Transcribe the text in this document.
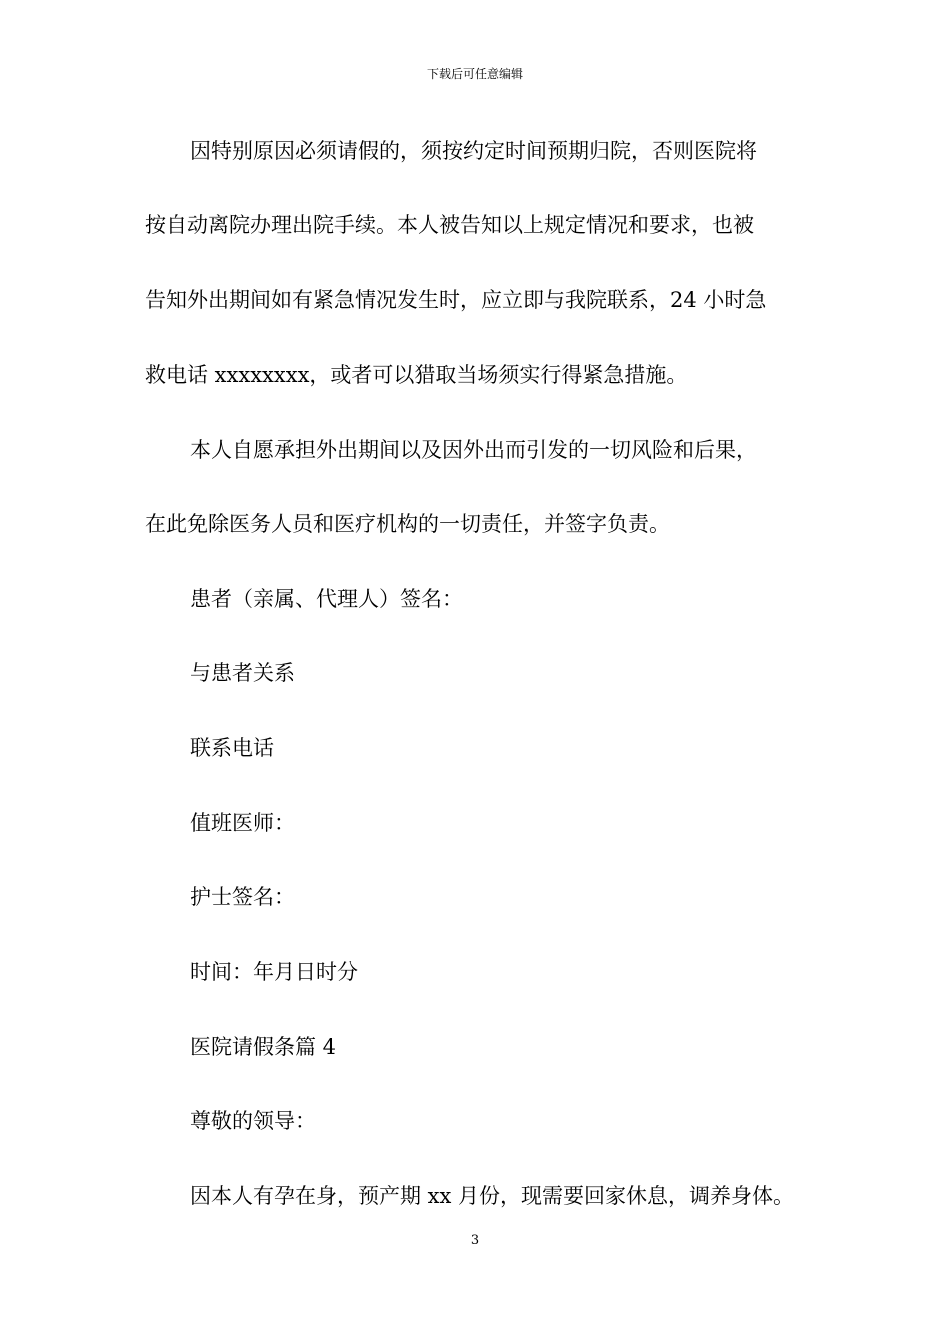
下载后可任意编辑
因特别原因必须请假的，须按约定时间预期归院，否则医院将
按自动离院办理出院手续。本人被告知以上规定情况和要求，也被
告知外出期间如有紧急情况发生时，应立即与我院联系，24 小时急
救电话 xxxxxxxx，或者可以猎取当场须实行得紧急措施。
本人自愿承担外出期间以及因外出而引发的一切风险和后果，
在此免除医务人员和医疗机构的一切责任，并签字负责。
患者（亲属、代理人）签名：
与患者关系
联系电话
值班医师：
护士签名：
时间：年月日时分
医院请假条篇 4
尊敬的领导：
因本人有孕在身，预产期 xx 月份，现需要回家休息，调养身体。
3
